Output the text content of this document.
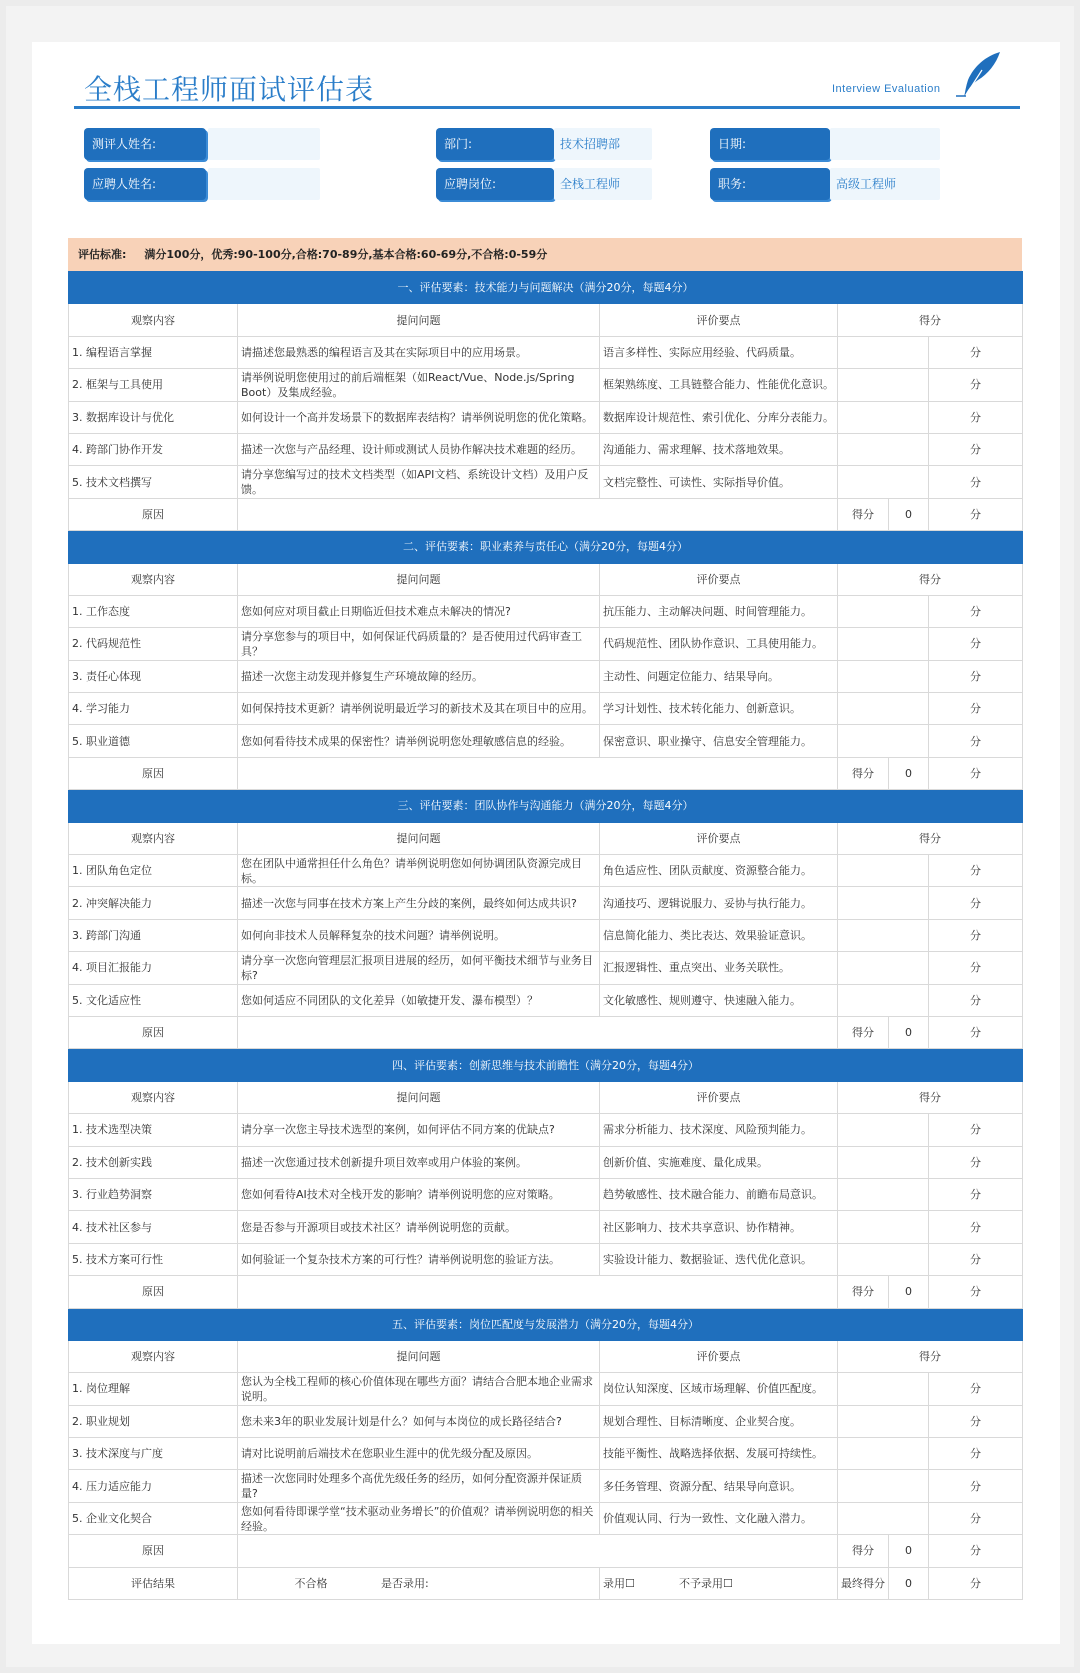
全栈工程师面试评估表	Interview Evaluation
测评人姓名:
应聘人姓名:
部门:	技术招聘部
应聘岗位:	全栈工程师
日期:
职务:	高级工程师
评估标准: 满分100分，优秀:90-100分,合格:70-89分,基本合格:60-69分,不合格:0-59分
一、评估要素：技术能力与问题解决（满分20分，每题4分）					
观察内容	提问问题	评价要点	得分		
1. 编程语言掌握	请描述您最熟悉的编程语言及其在实际项目中的应用场景。	语言多样性、实际应用经验、代码质量。			分
2. 框架与工具使用	请举例说明您使用过的前后端框架（如React/Vue、Node.js/Spring Boot）及集成经验。	框架熟练度、工具链整合能力、性能优化意识。			分
3. 数据库设计与优化	如何设计一个高并发场景下的数据库表结构？请举例说明您的优化策略。	数据库设计规范性、索引优化、分库分表能力。			分
4. 跨部门协作开发	描述一次您与产品经理、设计师或测试人员协作解决技术难题的经历。	沟通能力、需求理解、技术落地效果。			分
5. 技术文档撰写	请分享您编写过的技术文档类型（如API文档、系统设计文档）及用户反馈。	文档完整性、可读性、实际指导价值。			分
原因			得分	0	分
二、评估要素：职业素养与责任心（满分20分，每题4分）					
观察内容	提问问题	评价要点	得分		
1. 工作态度	您如何应对项目截止日期临近但技术难点未解决的情况?	抗压能力、主动解决问题、时间管理能力。			分
2. 代码规范性	请分享您参与的项目中，如何保证代码质量的？是否使用过代码审查工具？	代码规范性、团队协作意识、工具使用能力。			分
3. 责任心体现	描述一次您主动发现并修复生产环境故障的经历。	主动性、问题定位能力、结果导向。			分
4. 学习能力	如何保持技术更新？请举例说明最近学习的新技术及其在项目中的应用。	学习计划性、技术转化能力、创新意识。			分
5. 职业道德	您如何看待技术成果的保密性？请举例说明您处理敏感信息的经验。	保密意识、职业操守、信息安全管理能力。			分
原因			得分	0	分
三、评估要素：团队协作与沟通能力（满分20分，每题4分）					
观察内容	提问问题	评价要点	得分		
1. 团队角色定位	您在团队中通常担任什么角色？请举例说明您如何协调团队资源完成目标。	角色适应性、团队贡献度、资源整合能力。			分
2. 冲突解决能力	描述一次您与同事在技术方案上产生分歧的案例，最终如何达成共识?	沟通技巧、逻辑说服力、妥协与执行能力。			分
3. 跨部门沟通	如何向非技术人员解释复杂的技术问题？请举例说明。	信息简化能力、类比表达、效果验证意识。			分
4. 项目汇报能力	请分享一次您向管理层汇报项目进展的经历，如何平衡技术细节与业务目标?	汇报逻辑性、重点突出、业务关联性。			分
5. 文化适应性	您如何适应不同团队的文化差异（如敏捷开发、瀑布模型）？	文化敏感性、规则遵守、快速融入能力。			分
原因			得分	0	分
四、评估要素：创新思维与技术前瞻性（满分20分，每题4分）					
观察内容	提问问题	评价要点	得分		
1. 技术选型决策	请分享一次您主导技术选型的案例，如何评估不同方案的优缺点?	需求分析能力、技术深度、风险预判能力。			分
2. 技术创新实践	描述一次您通过技术创新提升项目效率或用户体验的案例。	创新价值、实施难度、量化成果。			分
3. 行业趋势洞察	您如何看待AI技术对全栈开发的影响？请举例说明您的应对策略。	趋势敏感性、技术融合能力、前瞻布局意识。			分
4. 技术社区参与	您是否参与开源项目或技术社区？请举例说明您的贡献。	社区影响力、技术共享意识、协作精神。			分
5. 技术方案可行性	如何验证一个复杂技术方案的可行性？请举例说明您的验证方法。	实验设计能力、数据验证、迭代优化意识。			分
原因			得分	0	分
五、评估要素：岗位匹配度与发展潜力（满分20分，每题4分）					
观察内容	提问问题	评价要点	得分		
1. 岗位理解	您认为全栈工程师的核心价值体现在哪些方面？请结合合肥本地企业需求说明。	岗位认知深度、区域市场理解、价值匹配度。			分
2. 职业规划	您未来3年的职业发展计划是什么？如何与本岗位的成长路径结合?	规划合理性、目标清晰度、企业契合度。			分
3. 技术深度与广度	请对比说明前后端技术在您职业生涯中的优先级分配及原因。	技能平衡性、战略选择依据、发展可持续性。			分
4. 压力适应能力	描述一次您同时处理多个高优先级任务的经历，如何分配资源并保证质量?	多任务管理、资源分配、结果导向意识。			分
5. 企业文化契合	您如何看待即课学堂“技术驱动业务增长”的价值观？请举例说明您的相关经验。	价值观认同、行为一致性、文化融入潜力。			分
原因			得分	0	分
评估结果	不合格 是否录用:	录用☐ 不予录用☐	最终得分	0	分
